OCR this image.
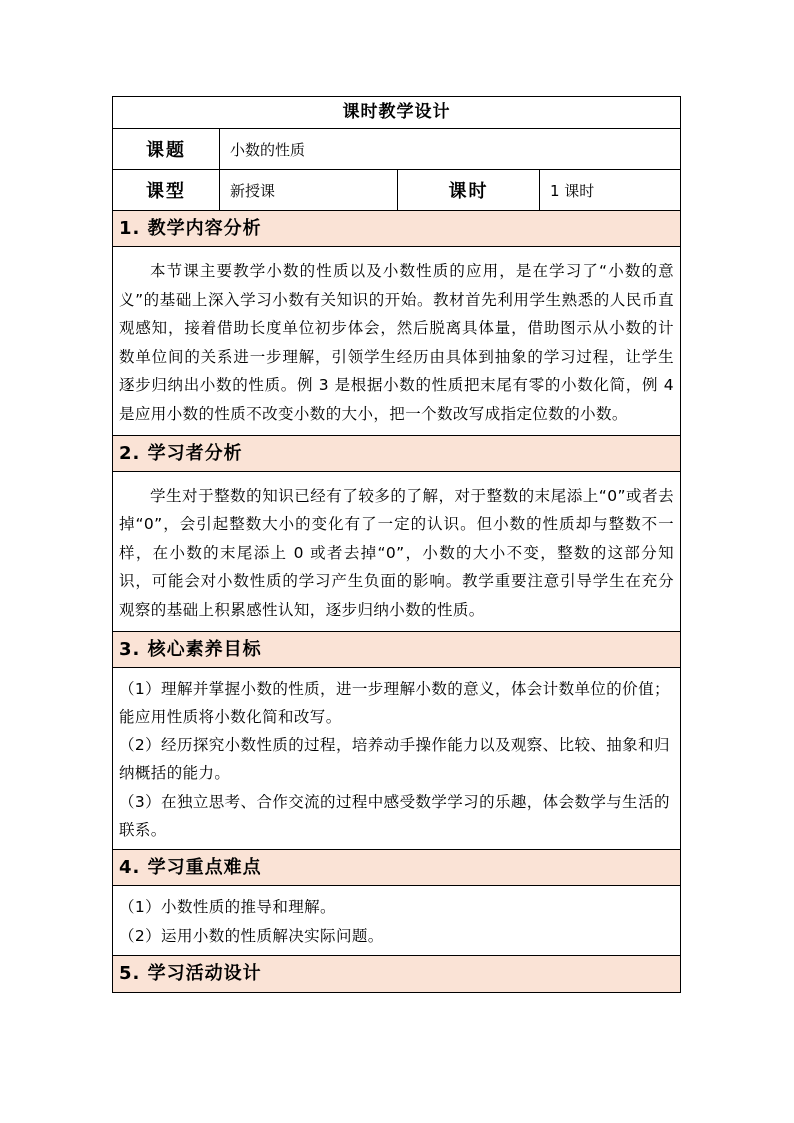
课时教学设计
课题	小数的性质
课型	新授课	课时	1 课时
1. 教学内容分析
本节课主要教学小数的性质以及小数性质的应用，是在学习了“小数的意义”的基础上深入学习小数有关知识的开始。教材首先利用学生熟悉的人民币直观感知，接着借助长度单位初步体会，然后脱离具体量，借助图示从小数的计数单位间的关系进一步理解，引领学生经历由具体到抽象的学习过程，让学生逐步归纳出小数的性质。例 3 是根据小数的性质把末尾有零的小数化简，例 4 是应用小数的性质不改变小数的大小，把一个数改写成指定位数的小数。
2. 学习者分析
学生对于整数的知识已经有了较多的了解，对于整数的末尾添上“0”或者去掉“0”，会引起整数大小的变化有了一定的认识。但小数的性质却与整数不一样，在小数的末尾添上 0 或者去掉“0”，小数的大小不变，整数的这部分知识，可能会对小数性质的学习产生负面的影响。教学重要注意引导学生在充分观察的基础上积累感性认知，逐步归纳小数的性质。
3. 核心素养目标

（1）理解并掌握小数的性质，进一步理解小数的意义，体会计数单位的价值；能应用性质将小数化简和改写。

（2）经历探究小数性质的过程，培养动手操作能力以及观察、比较、抽象和归纳概括的能力。

（3）在独立思考、合作交流的过程中感受数学学习的乐趣，体会数学与生活的联系。

4. 学习重点难点

（1）小数性质的推导和理解。

（2）运用小数的性质解决实际问题。

5. 学习活动设计
